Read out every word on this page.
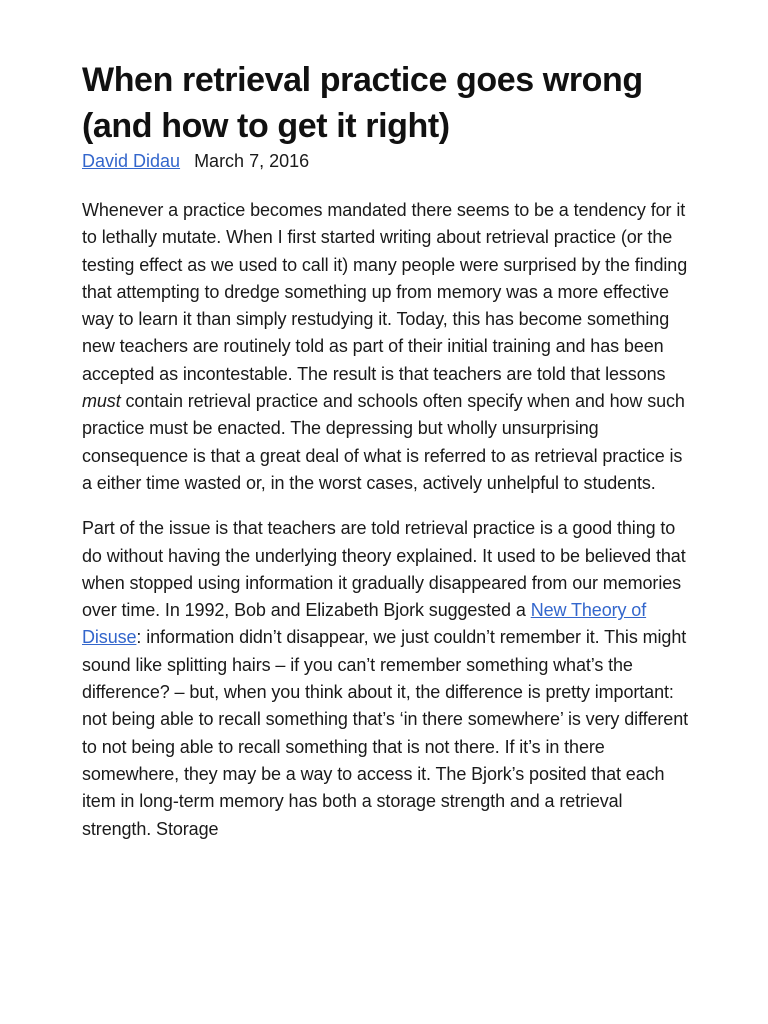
When retrieval practice goes wrong (and how to get it right)
David Didau March 7, 2016

Whenever a practice becomes mandated there seems to be a tendency for it to lethally mutate. When I first started writing about retrieval practice (or the testing effect as we used to call it) many people were surprised by the finding that attempting to dredge something up from memory was a more effective way to learn it than simply restudying it. Today, this has become something new teachers are routinely told as part of their initial training and has been accepted as incontestable. The result is that teachers are told that lessons must contain retrieval practice and schools often specify when and how such practice must be enacted. The depressing but wholly unsurprising consequence is that a great deal of what is referred to as retrieval practice is a either time wasted or, in the worst cases, actively unhelpful to students.

Part of the issue is that teachers are told retrieval practice is a good thing to do without having the underlying theory explained. It used to be believed that when stopped using information it gradually disappeared from our memories over time. In 1992, Bob and Elizabeth Bjork suggested a New Theory of Disuse: information didn’t disappear, we just couldn’t remember it. This might sound like splitting hairs – if you can’t remember something what’s the difference? – but, when you think about it, the difference is pretty important: not being able to recall something that’s ‘in there somewhere’ is very different to not being able to recall something that is not there. If it’s in there somewhere, they may be a way to access it. The Bjork’s posited that each item in long-term memory has both a storage strength and a retrieval strength. Storage
